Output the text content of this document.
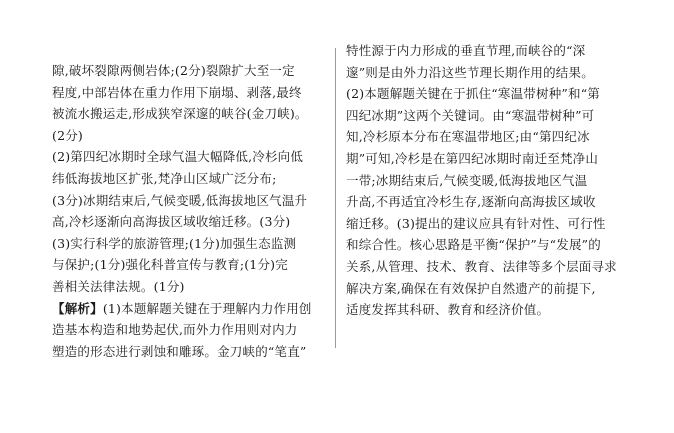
隙,破坏裂隙两侧岩体;(2分)裂隙扩大至一定
程度,中部岩体在重力作用下崩塌、剥落,最终
被流水搬运走,形成狭窄深邃的峡谷(金刀峡)。
(2分)
(2)第四纪冰期时全球气温大幅降低,冷杉向低
纬低海拔地区扩张,梵净山区域广泛分布;
(3分)冰期结束后,气候变暖,低海拔地区气温升
高,冷杉逐渐向高海拔区域收缩迁移。(3分)
(3)实行科学的旅游管理;(1分)加强生态监测
与保护;(1分)强化科普宣传与教育;(1分)完
善相关法律法规。(1分)
【解析】(1)本题解题关键在于理解内力作用创
造基本构造和地势起伏,而外力作用则对内力
塑造的形态进行剥蚀和雕琢。金刀峡的“笔直”
特性源于内力形成的垂直节理,而峡谷的“深
邃”则是由外力沿这些节理长期作用的结果。
(2)本题解题关键在于抓住“寒温带树种”和“第
四纪冰期”这两个关键词。由“寒温带树种”可
知,冷杉原本分布在寒温带地区;由“第四纪冰
期”可知,冷杉是在第四纪冰期时南迁至梵净山
一带;冰期结束后,气候变暖,低海拔地区气温
升高,不再适宜冷杉生存,逐渐向高海拔区域收
缩迁移。(3)提出的建议应具有针对性、可行性
和综合性。核心思路是平衡“保护”与“发展”的
关系,从管理、技术、教育、法律等多个层面寻求
解决方案,确保在有效保护自然遗产的前提下,
适度发挥其科研、教育和经济价值。
